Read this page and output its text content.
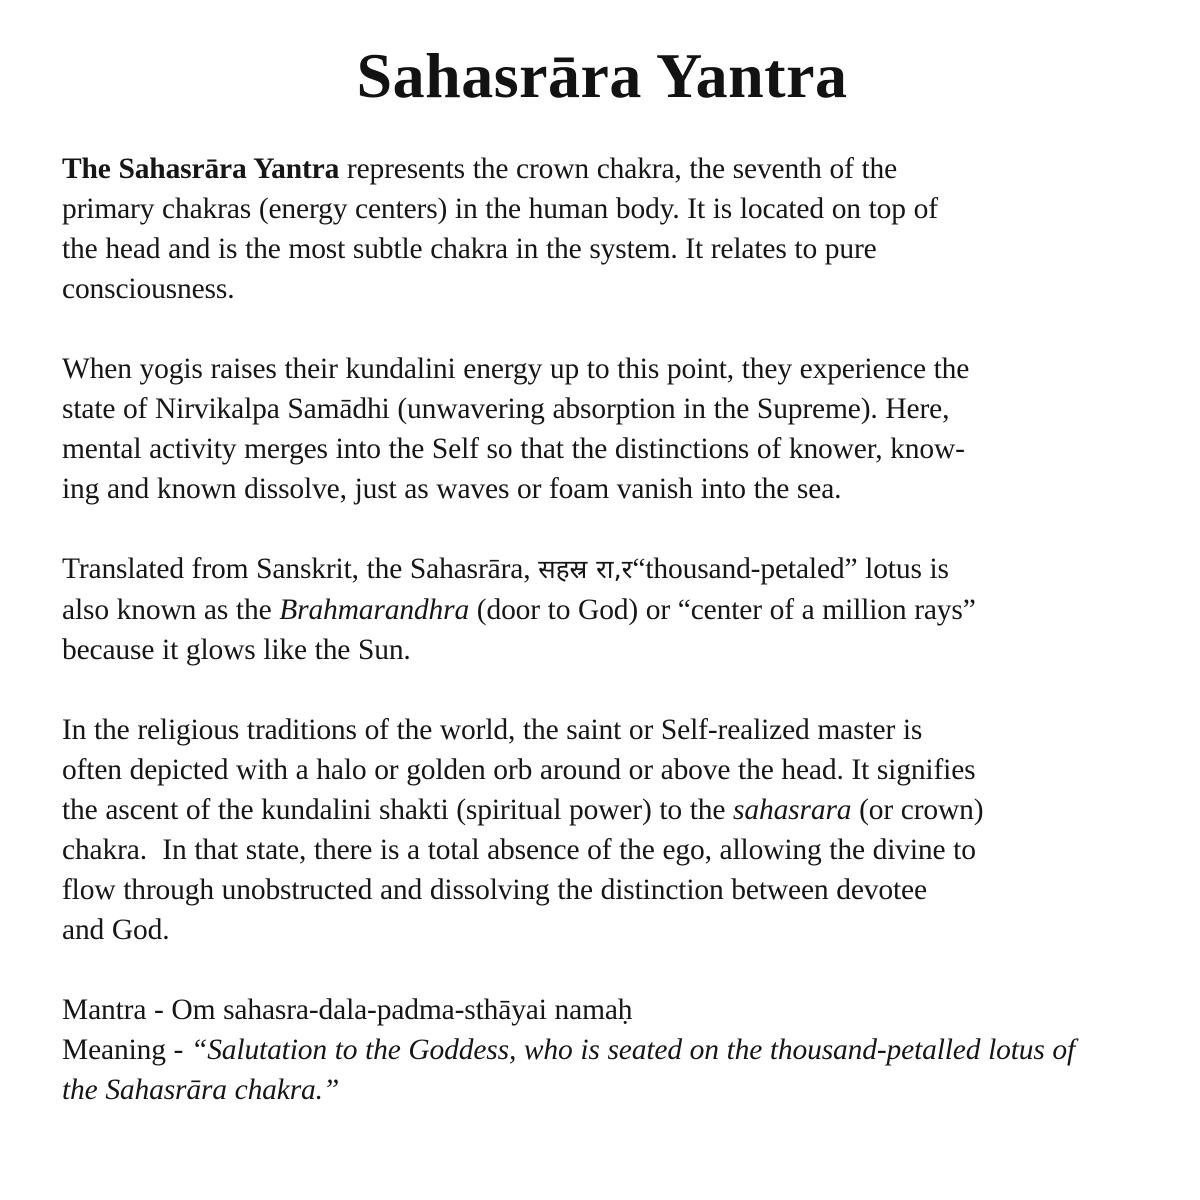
Sahasrāra Yantra

The Sahasrāra Yantra represents the crown chakra, the seventh of the
primary chakras (energy centers) in the human body. It is located on top of
the head and is the most subtle chakra in the system. It relates to pure
consciousness.

When yogis raises their kundalini energy up to this point, they experience the
state of Nirvikalpa Samādhi (unwavering absorption in the Supreme). Here,
mental activity merges into the Self so that the distinctions of knower, know-
ing and known dissolve, just as waves or foam vanish into the sea.

Translated from Sanskrit, the Sahasrāra, सहस्र रा,र“thousand-petaled” lotus is
also known as the Brahmarandhra (door to God) or “center of a million rays”
because it glows like the Sun.

In the religious traditions of the world, the saint or Self-realized master is
often depicted with a halo or golden orb around or above the head. It signifies
the ascent of the kundalini shakti (spiritual power) to the sahasrara (or crown)
chakra.  In that state, there is a total absence of the ego, allowing the divine to
flow through unobstructed and dissolving the distinction between devotee
and God.

Mantra - Om sahasra-dala-padma-sthāyai namaḥ
Meaning - “Salutation to the Goddess, who is seated on the thousand-petalled lotus of
the Sahasrāra chakra.”
